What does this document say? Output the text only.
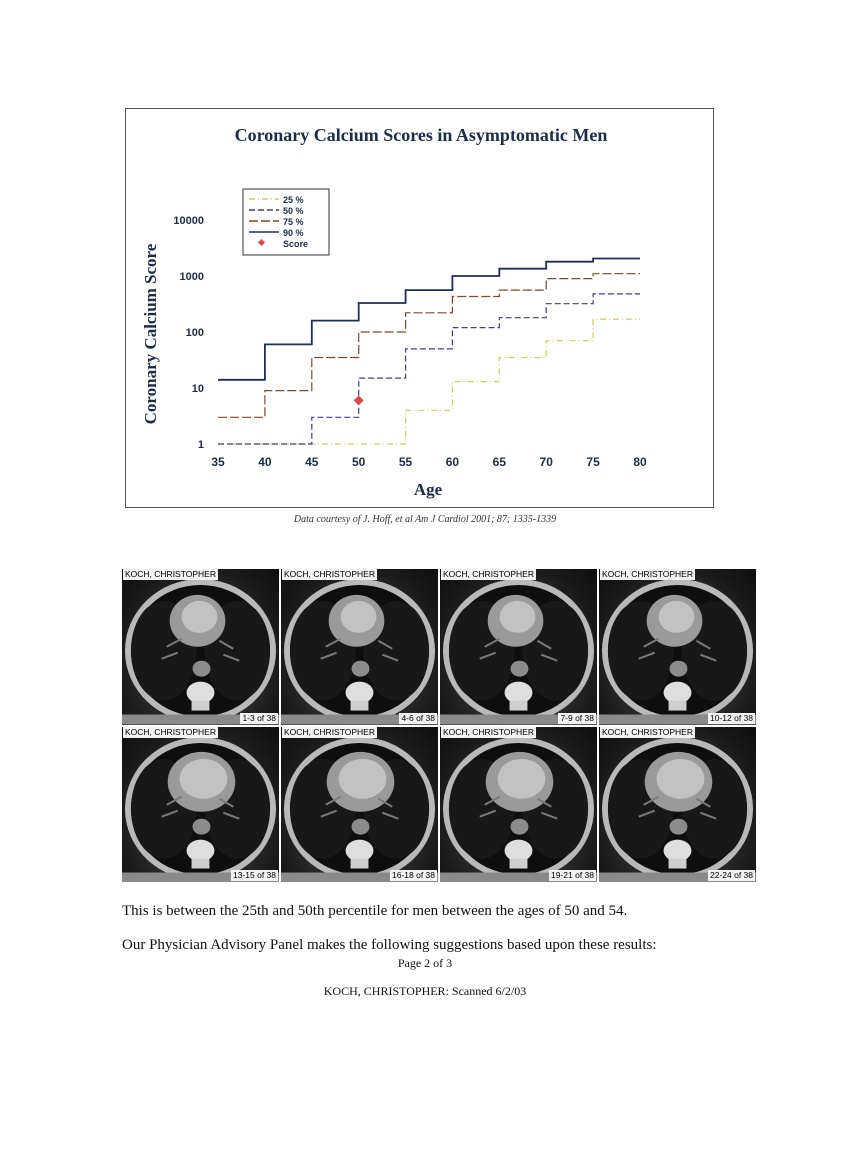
Coronary Calcium Scores in Asymptomatic Men
Coronary Calcium Score
Age
35	40	45	50	55	60	65	70	75	80
1
10
100
1000
10000
25 %
50 %
75 %
90 %
Score
Data courtesy of J. Hoff, et al Am J Cardiol 2001; 87; 1335-1339
KOCH, CHRISTOPHER
1-3 of 38
KOCH, CHRISTOPHER
4-6 of 38
KOCH, CHRISTOPHER
7-9 of 38
KOCH, CHRISTOPHER
10-12 of 38
KOCH, CHRISTOPHER
13-15 of 38
KOCH, CHRISTOPHER
16-18 of 38
KOCH, CHRISTOPHER
19-21 of 38
KOCH, CHRISTOPHER
22-24 of 38
This is between the 25th and 50th percentile for men between the ages of 50 and 54.
Our Physician Advisory Panel makes the following suggestions based upon these results:
Page 2 of 3
KOCH, CHRISTOPHER: Scanned 6/2/03
